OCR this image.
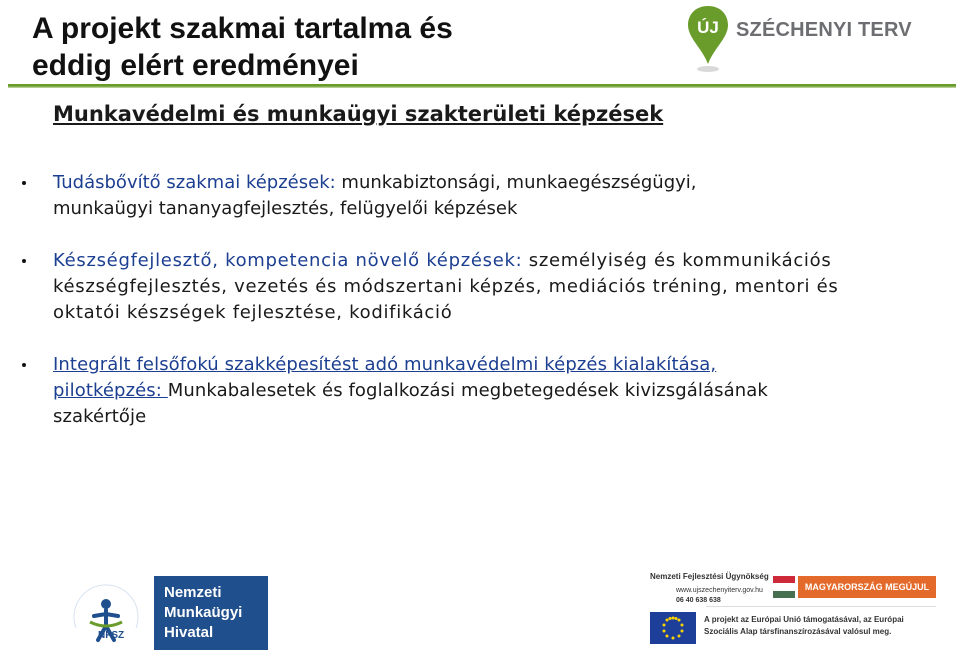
A projekt szakmai tartalma és
eddig elért eredményei
ÚJ SZÉCHENYI TERV
Munkavédelmi és munkaügyi szakterületi képzések
Tudásbővítő szakmai képzések: munkabiztonsági, munkaegészségügyi,
munkaügyi tananyagfejlesztés, felügyelői képzések
Készségfejlesztő, kompetencia növelő képzések: személyiség és kommunikációs
készségfejlesztés, vezetés és módszertani képzés, mediációs tréning, mentori és
oktatói készségek fejlesztése, kodifikáció
Integrált felsőfokú szakképesítést adó munkavédelmi képzés kialakítása,
pilotképzés: Munkabalesetek és foglalkozási megbetegedések kivizsgálásának
szakértője
NFSZ
Nemzeti
Munkaügyi
Hivatal
Nemzeti Fejlesztési Ügynökség
www.ujszechenyiterv.gov.hu
06 40 638 638
MAGYARORSZÁG MEGÚJUL
A projekt az Európai Unió támogatásával, az Európai
Szociális Alap társfinanszírozásával valósul meg.
